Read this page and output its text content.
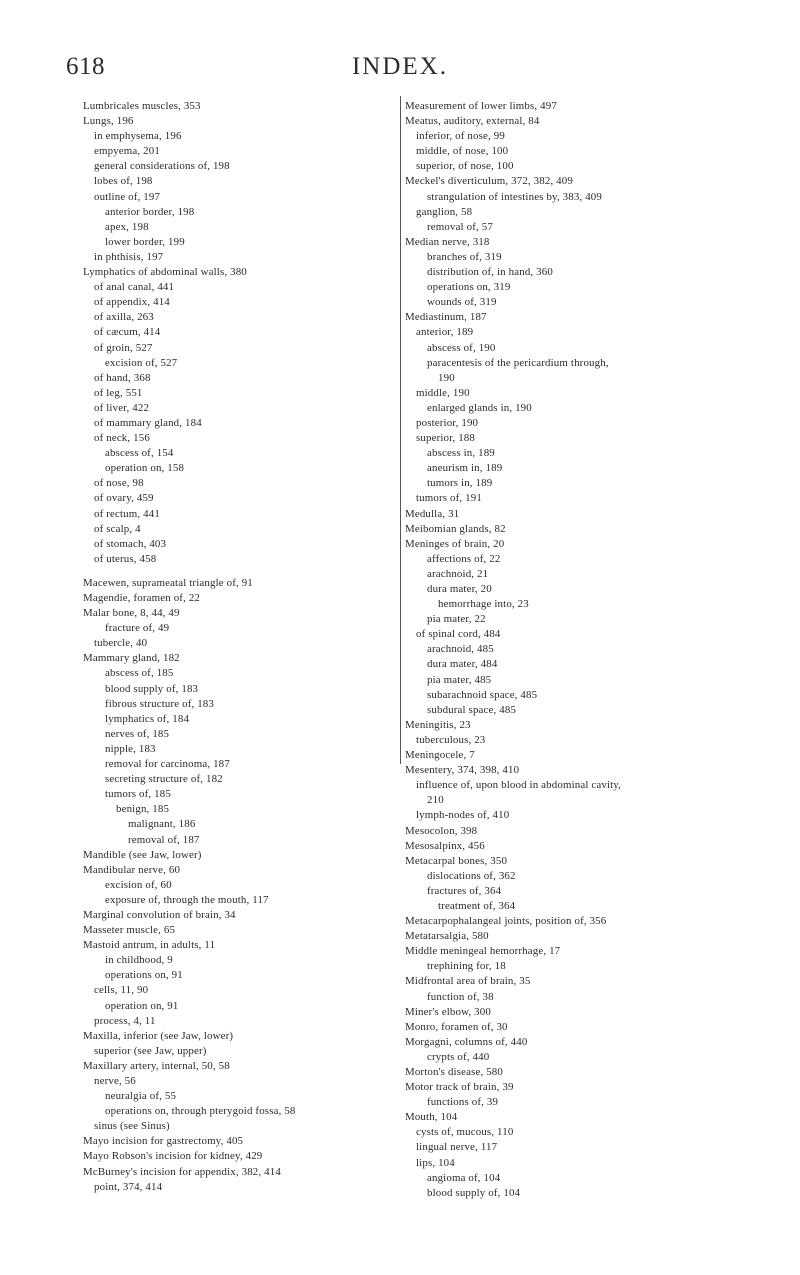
618	INDEX.
Lumbricales muscles, 353
Lungs, 196
in emphysema, 196
empyema, 201
general considerations of, 198
lobes of, 198
outline of, 197
anterior border, 198
apex, 198
lower border, 199
in phthisis, 197
Lymphatics of abdominal walls, 380
of anal canal, 441
of appendix, 414
of axilla, 263
of cæcum, 414
of groin, 527
excision of, 527
of hand, 368
of leg, 551
of liver, 422
of mammary gland, 184
of neck, 156
abscess of, 154
operation on, 158
of nose, 98
of ovary, 459
of rectum, 441
of scalp, 4
of stomach, 403
of uterus, 458
Macewen, suprameatal triangle of, 91
Magendie, foramen of, 22
Malar bone, 8, 44, 49
fracture of, 49
tubercle, 40
Mammary gland, 182
abscess of, 185
blood supply of, 183
fibrous structure of, 183
lymphatics of, 184
nerves of, 185
nipple, 183
removal for carcinoma, 187
secreting structure of, 182
tumors of, 185
benign, 185
malignant, 186
removal of, 187
Mandible (see Jaw, lower)
Mandibular nerve, 60
excision of, 60
exposure of, through the mouth, 117
Marginal convolution of brain, 34
Masseter muscle, 65
Mastoid antrum, in adults, 11
in childhood, 9
operations on, 91
cells, 11, 90
operation on, 91
process, 4, 11
Maxilla, inferior (see Jaw, lower)
superior (see Jaw, upper)
Maxillary artery, internal, 50, 58
nerve, 56
neuralgia of, 55
operations on, through pterygoid fossa, 58
sinus (see Sinus)
Mayo incision for gastrectomy, 405
Mayo Robson's incision for kidney, 429
McBurney's incision for appendix, 382, 414
point, 374, 414
Measurement of lower limbs, 497
Meatus, auditory, external, 84
inferior, of nose, 99
middle, of nose, 100
superior, of nose, 100
Meckel's diverticulum, 372, 382, 409
strangulation of intestines by, 383, 409
ganglion, 58
removal of, 57
Median nerve, 318
branches of, 319
distribution of, in hand, 360
operations on, 319
wounds of, 319
Mediastinum, 187
anterior, 189
abscess of, 190
paracentesis of the pericardium through,
190
middle, 190
enlarged glands in, 190
posterior, 190
superior, 188
abscess in, 189
aneurism in, 189
tumors in, 189
tumors of, 191
Medulla, 31
Meibomian glands, 82
Meninges of brain, 20
affections of, 22
arachnoid, 21
dura mater, 20
hemorrhage into, 23
pia mater, 22
of spinal cord, 484
arachnoid, 485
dura mater, 484
pia mater, 485
subarachnoid space, 485
subdural space, 485
Meningitis, 23
tuberculous, 23
Meningocele, 7
Mesentery, 374, 398, 410
influence of, upon blood in abdominal cavity,
210
lymph-nodes of, 410
Mesocolon, 398
Mesosalpinx, 456
Metacarpal bones, 350
dislocations of, 362
fractures of, 364
treatment of, 364
Metacarpophalangeal joints, position of, 356
Metatarsalgia, 580
Middle meningeal hemorrhage, 17
trephining for, 18
Midfrontal area of brain, 35
function of, 38
Miner's elbow, 300
Monro, foramen of, 30
Morgagni, columns of, 440
crypts of, 440
Morton's disease, 580
Motor track of brain, 39
functions of, 39
Mouth, 104
cysts of, mucous, 110
lingual nerve, 117
lips, 104
angioma of, 104
blood supply of, 104
